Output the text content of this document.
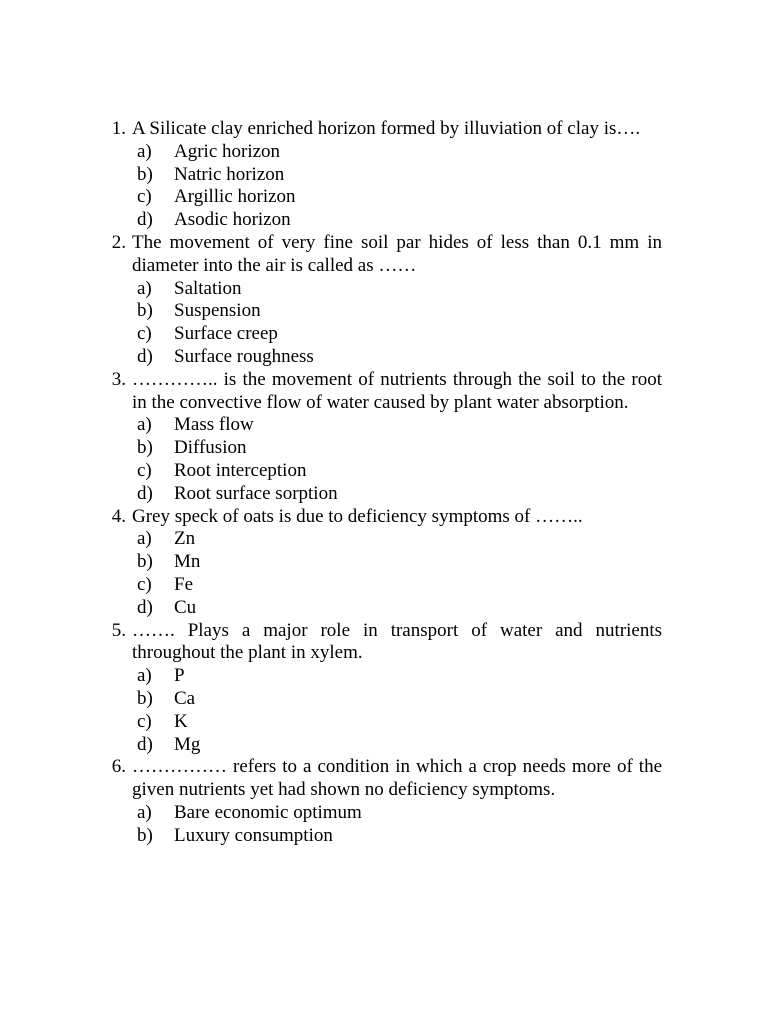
1. A Silicate clay enriched horizon formed by illuviation of clay is….
a) Agric horizon
b) Natric horizon
c) Argillic horizon
d) Asodic horizon
2. The movement of very fine soil par hides of less than 0.1 mm in diameter into the air is called as ……
a) Saltation
b) Suspension
c) Surface creep
d) Surface roughness
3. ………….. is the movement of nutrients through the soil to the root in the convective flow of water caused by plant water absorption.
a) Mass flow
b) Diffusion
c) Root interception
d) Root surface sorption
4. Grey speck of oats is due to deficiency symptoms of ……..
a) Zn
b) Mn
c) Fe
d) Cu
5. ……. Plays a major role in transport of water and nutrients throughout the plant in xylem.
a) P
b) Ca
c) K
d) Mg
6. …………… refers to a condition in which a crop needs more of the given nutrients yet had shown no deficiency symptoms.
a) Bare economic optimum
b) Luxury consumption
